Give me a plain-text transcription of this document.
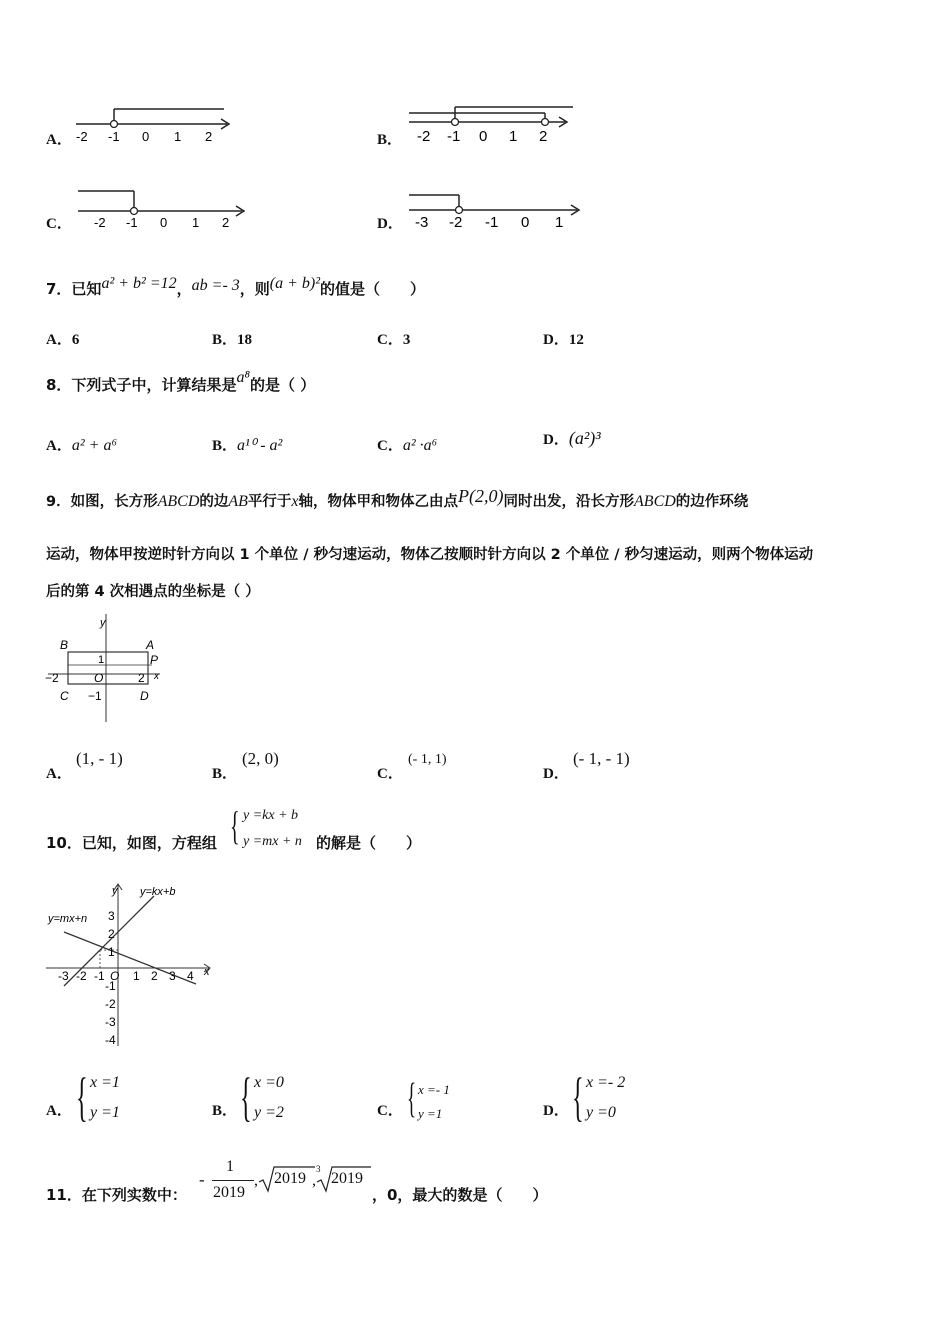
A． -2 -1 0 1 2	B． -2 -1 0 1 2
C． -2 -1 0 1 2	D． -3 -2 -1 0 1
7．已知a² + b² =12，ab =- 3，则(a + b)²的值是（　　）
A．6	B．18	C．3	D．12
8．下列式子中，计算结果是a⁸的是（ ）
A．a² + a⁶	B．a¹⁰ - a²	C．a² ·a⁶	D．(a²)³
9．如图，长方形ABCD的边AB平行于x轴，物体甲和物体乙由点P(2,0)同时出发，沿长方形ABCD的边作环绕
运动，物体甲按逆时针方向以 1 个单位 / 秒匀速运动，物体乙按顺时针方向以 2 个单位 / 秒匀速运动，则两个物体运动
后的第 4 次相遇点的坐标是（ ）
y
B	A
1	P
x
−2	O	2
C −1	D
A．
(1, - 1)
B．
(2, 0)
C．
(- 1, 1)
D．
(- 1, - 1)
10．已知，如图，方程组 { y =kx + b
y =mx + n 的解是（　　）
y=kx+b
y=mx+n
y
x
-3 -2 -1 O 1 2 3 4
3
2
1
-1
-2
-3
-4
A． { x =1
y =1	B． { x =0
y =2	C． { x =- 1
y =1	D． { x =- 2
y =0
11．在下列实数中：
-
1
2019
, 2019 ,
3
2019
，0，最大的数是（　　）
